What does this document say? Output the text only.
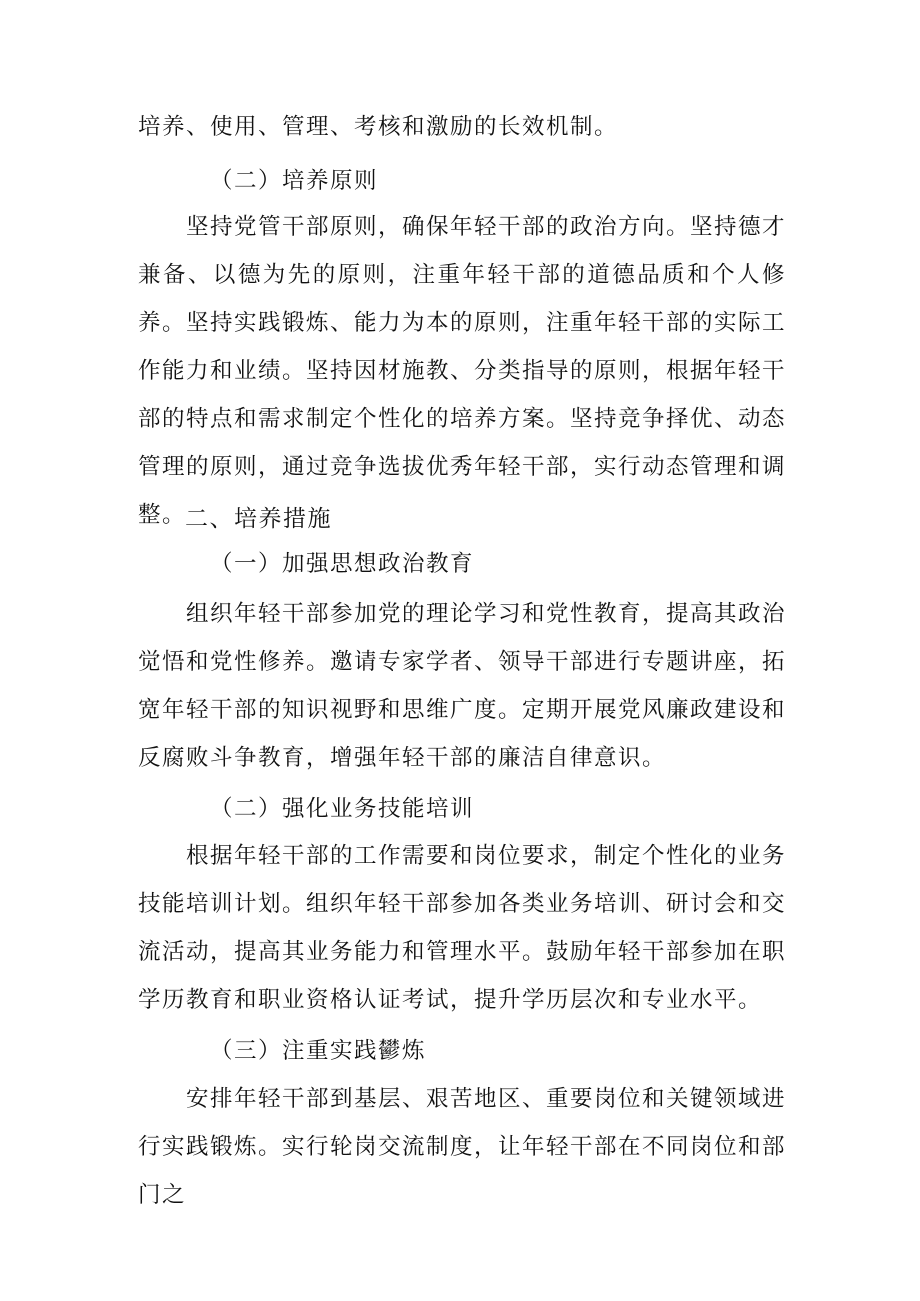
培养、使用、管理、考核和激励的长效机制。

（二）培养原则

坚持党管干部原则，确保年轻干部的政治方向。坚持德才兼备、以德为先的原则，注重年轻干部的道德品质和个人修养。坚持实践锻炼、能力为本的原则，注重年轻干部的实际工作能力和业绩。坚持因材施教、分类指导的原则，根据年轻干部的特点和需求制定个性化的培养方案。坚持竞争择优、动态管理的原则，通过竞争选拔优秀年轻干部，实行动态管理和调整。

二、培养措施

（一）加强思想政治教育

组织年轻干部参加党的理论学习和党性教育，提高其政治觉悟和党性修养。邀请专家学者、领导干部进行专题讲座，拓宽年轻干部的知识视野和思维广度。定期开展党风廉政建设和反腐败斗争教育，增强年轻干部的廉洁自律意识。

（二）强化业务技能培训

根据年轻干部的工作需要和岗位要求，制定个性化的业务技能培训计划。组织年轻干部参加各类业务培训、研讨会和交流活动，提高其业务能力和管理水平。鼓励年轻干部参加在职学历教育和职业资格认证考试，提升学历层次和专业水平。

（三）注重实践鬰炼

安排年轻干部到基层、艰苦地区、重要岗位和关键领域进行实践锻炼。实行轮岗交流制度，让年轻干部在不同岗位和部门之
